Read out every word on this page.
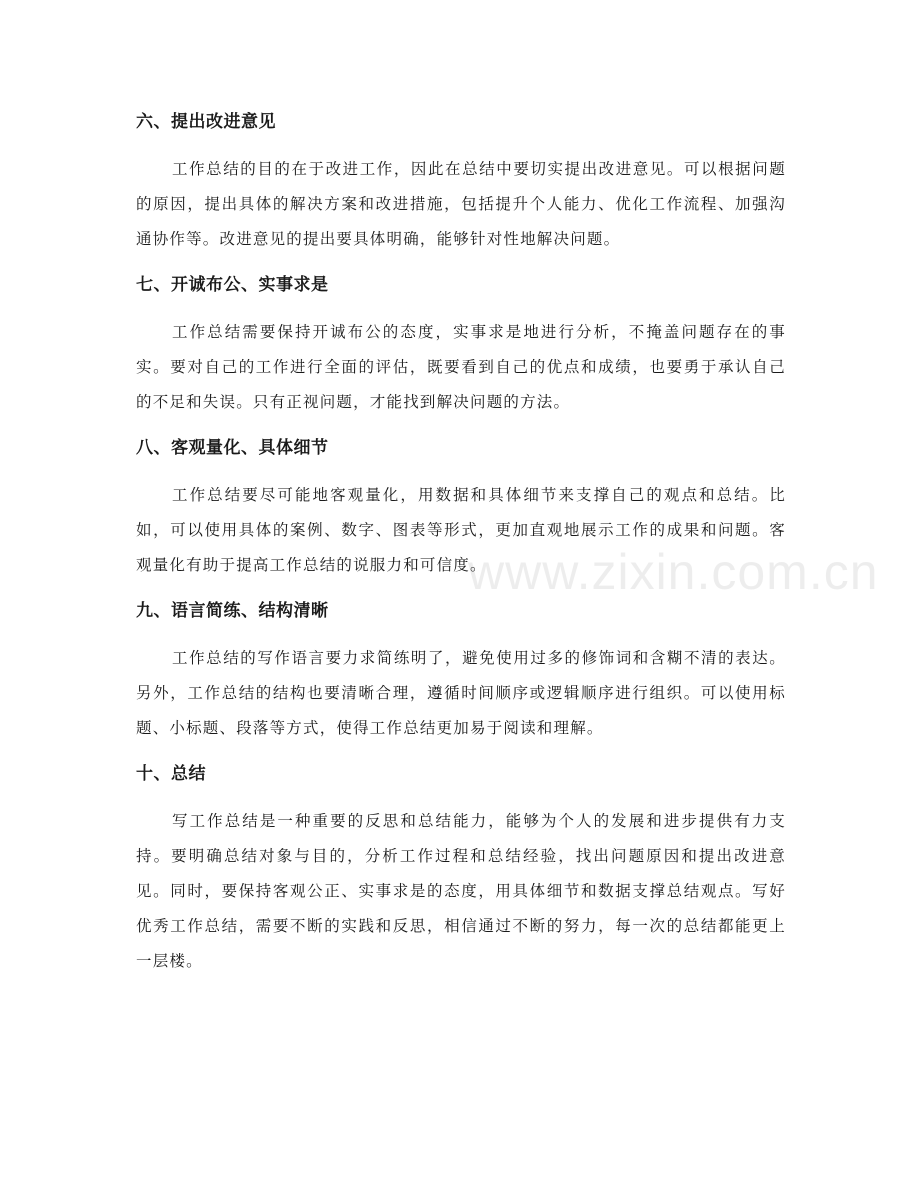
六、提出改进意见

工作总结的目的在于改进工作，因此在总结中要切实提出改进意见。可以根据问题的原因，提出具体的解决方案和改进措施，包括提升个人能力、优化工作流程、加强沟通协作等。改进意见的提出要具体明确，能够针对性地解决问题。

七、开诚布公、实事求是

工作总结需要保持开诚布公的态度，实事求是地进行分析，不掩盖问题存在的事实。要对自己的工作进行全面的评估，既要看到自己的优点和成绩，也要勇于承认自己的不足和失误。只有正视问题，才能找到解决问题的方法。

八、客观量化、具体细节

工作总结要尽可能地客观量化，用数据和具体细节来支撑自己的观点和总结。比如，可以使用具体的案例、数字、图表等形式，更加直观地展示工作的成果和问题。客观量化有助于提高工作总结的说服力和可信度。

九、语言简练、结构清晰

工作总结的写作语言要力求简练明了，避免使用过多的修饰词和含糊不清的表达。另外，工作总结的结构也要清晰合理，遵循时间顺序或逻辑顺序进行组织。可以使用标题、小标题、段落等方式，使得工作总结更加易于阅读和理解。

十、总结

写工作总结是一种重要的反思和总结能力，能够为个人的发展和进步提供有力支持。要明确总结对象与目的，分析工作过程和总结经验，找出问题原因和提出改进意见。同时，要保持客观公正、实事求是的态度，用具体细节和数据支撑总结观点。写好优秀工作总结，需要不断的实践和反思，相信通过不断的努力，每一次的总结都能更上一层楼。

www.zixin.com.cn
